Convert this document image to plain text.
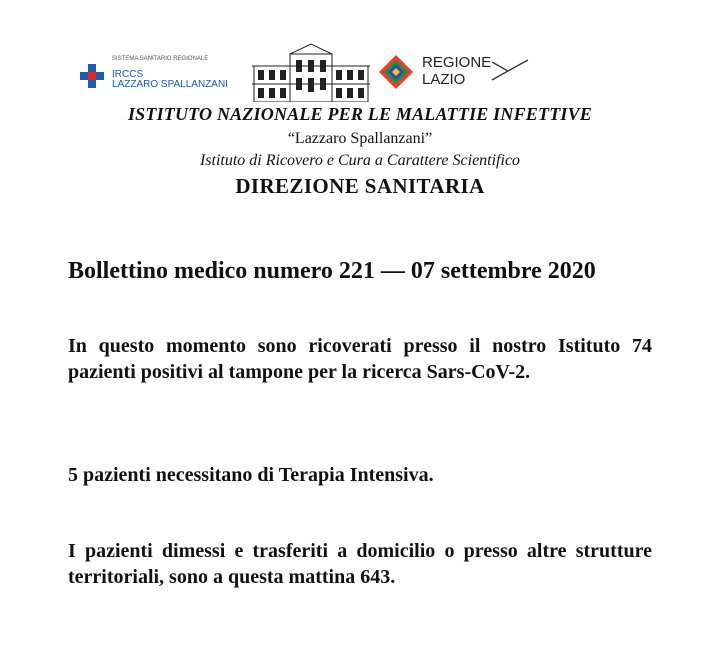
SISTEMA SANITARIO REGIONALE
IRCCS
LAZZARO SPALLANZANI
REGIONE
LAZIO
ISTITUTO NAZIONALE PER LE MALATTIE INFETTIVE
“Lazzaro Spallanzani”
Istituto di Ricovero e Cura a Carattere Scientifico
DIREZIONE SANITARIA
Bollettino medico numero 221 — 07 settembre 2020
In questo momento sono ricoverati presso il nostro Istituto 74 pazienti positivi al tampone per la ricerca Sars-CoV-2.
5 pazienti necessitano di Terapia Intensiva.
I pazienti dimessi e trasferiti a domicilio o presso altre strutture territoriali, sono a questa mattina 643.
